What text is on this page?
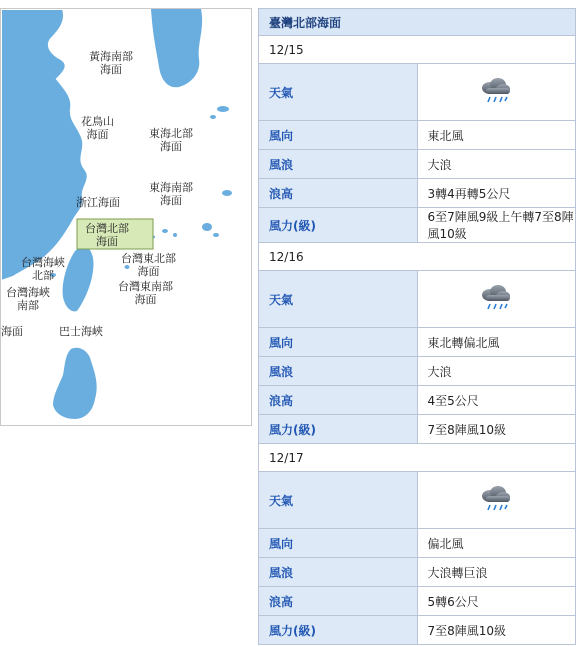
黃海南部
海面
花鳥山
海面	東海北部
海面
浙江海面
東海南部
海面
台灣北部
海面
台灣海峽
北部
台灣海峽
南部
台灣東北部
海面
台灣東南部
海面
海面	巴士海峽
臺灣北部海面	
12/15	
天氣	
風向	東北風
風浪	大浪
浪高	3轉4再轉5公尺
風力(級)	6至7陣風9級上午轉7至8陣風10級
12/16	
天氣	
風向	東北轉偏北風
風浪	大浪
浪高	4至5公尺
風力(級)	7至8陣風10級
12/17	
天氣	
風向	偏北風
風浪	大浪轉巨浪
浪高	5轉6公尺
風力(級)	7至8陣風10級
